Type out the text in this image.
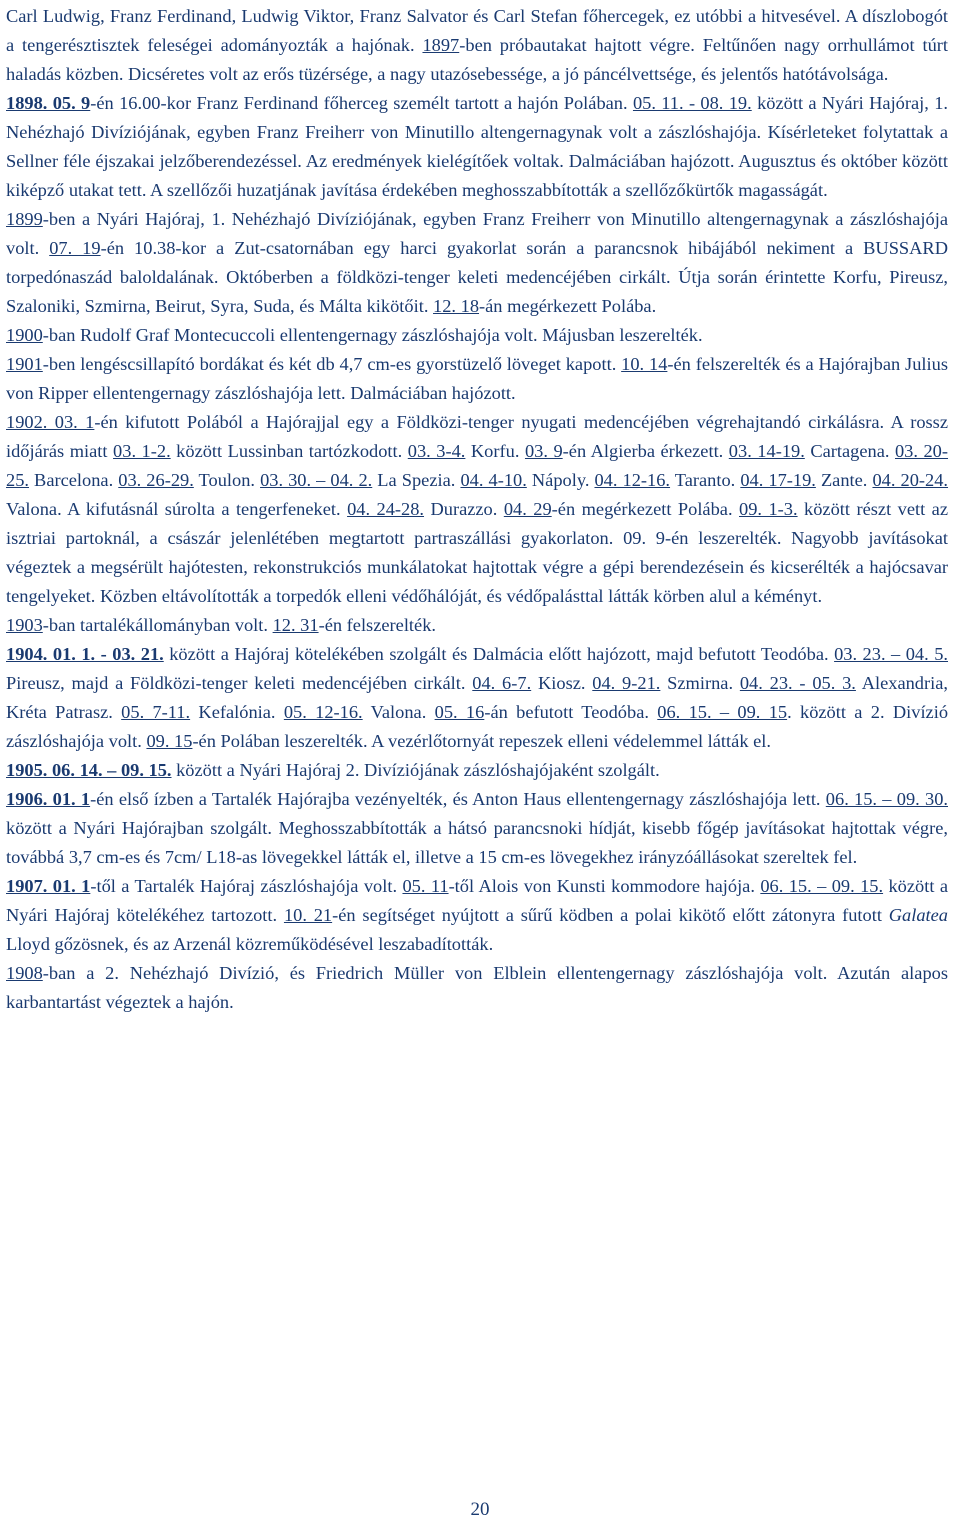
Carl Ludwig, Franz Ferdinand, Ludwig Viktor, Franz Salvator és Carl Stefan főhercegek, ez utóbbi a hitvesével. A díszlobogót a tengerésztisztek feleségei adományozták a hajónak. 1897-ben próbautakat hajtott végre. Feltűnően nagy orrhullámot túrt haladás közben. Dicséretes volt az erős tüzérsége, a nagy utazósebessége, a jó páncélvettsége, és jelentős hatótávolsága.

1898. 05. 9-én 16.00-kor Franz Ferdinand főherceg személt tartott a hajón Polában. 05. 11. - 08. 19. között a Nyári Hajóraj, 1. Nehézhajó Divíziójának, egyben Franz Freiherr von Minutillo altengernagynak volt a zászlóshajója. Kísérleteket folytattak a Sellner féle éjszakai jelzőberendezéssel. Az eredmények kielégítőek voltak. Dalmáciában hajózott. Augusztus és október között kiképző utakat tett. A szellőzői huzatjának javítása érdekében meghosszabbították a szellőzőkürtők magasságát.

1899-ben a Nyári Hajóraj, 1. Nehézhajó Divíziójának, egyben Franz Freiherr von Minutillo altengernagynak a zászlóshajója volt. 07. 19-én 10.38-kor a Zut-csatornában egy harci gyakorlat során a parancsnok hibájából nekiment a BUSSARD torpedónaszád baloldalának. Októberben a földközi-tenger keleti medencéjében cirkált. Útja során érintette Korfu, Pireusz, Szaloniki, Szmirna, Beirut, Syra, Suda, és Málta kikötőit. 12. 18-án megérkezett Polába.

1900-ban Rudolf Graf Montecuccoli ellentengernagy zászlóshajója volt. Májusban leszerelték.

1901-ben lengéscsillapító bordákat és két db 4,7 cm-es gyorstüzelő löveget kapott. 10. 14-én felszerelték és a Hajórajban Julius von Ripper ellentengernagy zászlóshajója lett. Dalmáciában hajózott.

1902. 03. 1-én kifutott Polából a Hajórajjal egy a Földközi-tenger nyugati medencéjében végrehajtandó cirkálásra. A rossz időjárás miatt 03. 1-2. között Lussinban tartózkodott. 03. 3-4. Korfu. 03. 9-én Algierba érkezett. 03. 14-19. Cartagena. 03. 20-25. Barcelona. 03. 26-29. Toulon. 03. 30. – 04. 2. La Spezia. 04. 4-10. Nápoly. 04. 12-16. Taranto. 04. 17-19. Zante. 04. 20-24. Valona. A kifutásnál súrolta a tengerfeneket. 04. 24-28. Durazzo. 04. 29-én megérkezett Polába. 09. 1-3. között részt vett az isztriai partoknál, a császár jelenlétében megtartott partraszállási gyakorlaton. 09. 9-én leszerelték. Nagyobb javításokat végeztek a megsérült hajótesten, rekonstrukciós munkálatokat hajtottak végre a gépi berendezésein és kicserélték a hajócsavar tengelyeket. Közben eltávolították a torpedók elleni védőhálóját, és védőpalásttal látták körben alul a kéményt.

1903-ban tartalékállományban volt. 12. 31-én felszerelték.

1904. 01. 1. - 03. 21. között a Hajóraj kötelékében szolgált és Dalmácia előtt hajózott, majd befutott Teodóba. 03. 23. – 04. 5. Pireusz, majd a Földközi-tenger keleti medencéjében cirkált. 04. 6-7. Kiosz. 04. 9-21. Szmirna. 04. 23. - 05. 3. Alexandria, Kréta Patrasz. 05. 7-11. Kefalónia. 05. 12-16. Valona. 05. 16-án befutott Teodóba. 06. 15. – 09. 15. között a 2. Divízió zászlóshajója volt. 09. 15-én Polában leszerelték. A vezérlőtornyát repeszek elleni védelemmel látták el.

1905. 06. 14. – 09. 15. között a Nyári Hajóraj 2. Divíziójának zászlóshajójaként szolgált.

1906. 01. 1-én első ízben a Tartalék Hajórajba vezényelték, és Anton Haus ellentengernagy zászlóshajója lett. 06. 15. – 09. 30. között a Nyári Hajórajban szolgált. Meghosszabbították a hátsó parancsnoki hídját, kisebb főgép javításokat hajtottak végre, továbbá 3,7 cm-es és 7cm/ L18-as lövegekkel látták el, illetve a 15 cm-es lövegekhez irányzóállásokat szereltek fel.

1907. 01. 1-től a Tartalék Hajóraj zászlóshajója volt. 05. 11-től Alois von Kunsti kommodore hajója. 06. 15. – 09. 15. között a Nyári Hajóraj kötelékéhez tartozott. 10. 21-én segítséget nyújtott a sűrű ködben a polai kikötő előtt zátonyra futott Galatea Lloyd gőzösnek, és az Arzenál közreműködésével leszabadították.

1908-ban a 2. Nehézhajó Divízió, és Friedrich Müller von Elblein ellentengernagy zászlóshajója volt. Azután alapos karbantartást végeztek a hajón.

20
